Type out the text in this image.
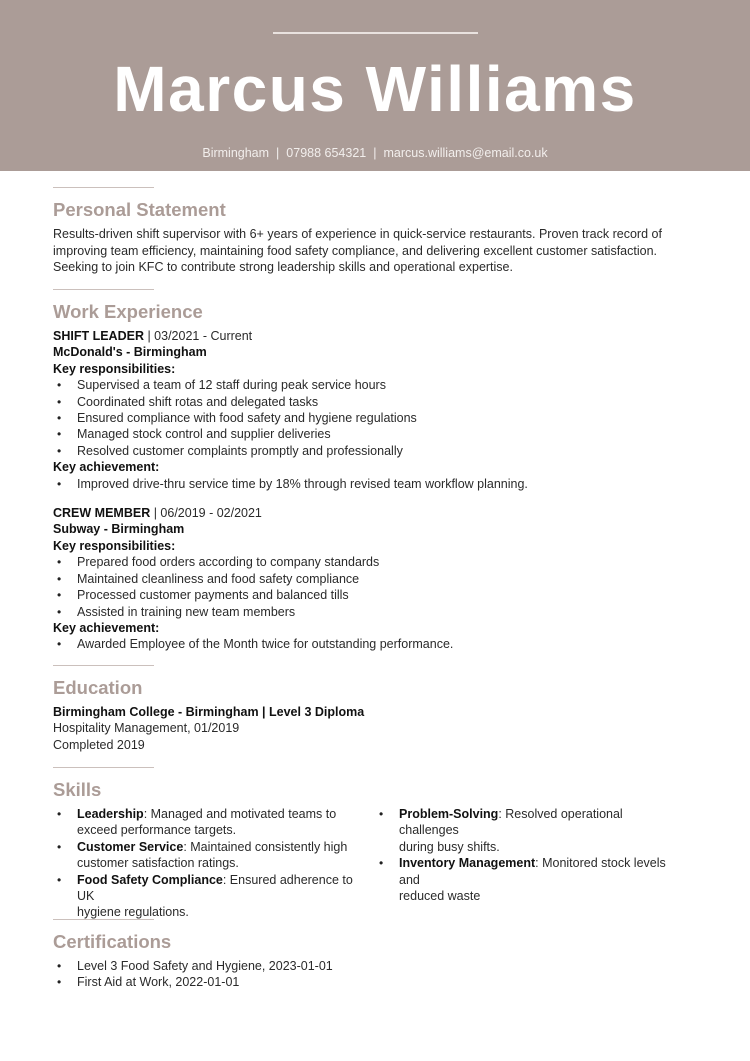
Marcus Williams
Birmingham | 07988 654321 | marcus.williams@email.co.uk
Personal Statement
Results-driven shift supervisor with 6+ years of experience in quick-service restaurants. Proven track record of
improving team efficiency, maintaining food safety compliance, and delivering excellent customer satisfaction.
Seeking to join KFC to contribute strong leadership skills and operational expertise.
Work Experience
SHIFT LEADER | 03/2021 - Current
McDonald's - Birmingham
Key responsibilities:
• Supervised a team of 12 staff during peak service hours
• Coordinated shift rotas and delegated tasks
• Ensured compliance with food safety and hygiene regulations
• Managed stock control and supplier deliveries
• Resolved customer complaints promptly and professionally
Key achievement:
• Improved drive-thru service time by 18% through revised team workflow planning.
CREW MEMBER | 06/2019 - 02/2021
Subway - Birmingham
Key responsibilities:
• Prepared food orders according to company standards
• Maintained cleanliness and food safety compliance
• Processed customer payments and balanced tills
• Assisted in training new team members
Key achievement:
• Awarded Employee of the Month twice for outstanding performance.
Education
Birmingham College - Birmingham | Level 3 Diploma
Hospitality Management, 01/2019
Completed 2019
Skills
• Leadership: Managed and motivated teams to
exceed performance targets.
• Customer Service: Maintained consistently high
customer satisfaction ratings.
• Food Safety Compliance: Ensured adherence to UK
hygiene regulations.
• Problem-Solving: Resolved operational challenges
during busy shifts.
• Inventory Management: Monitored stock levels and
reduced waste
Certifications
• Level 3 Food Safety and Hygiene, 2023-01-01
• First Aid at Work, 2022-01-01
